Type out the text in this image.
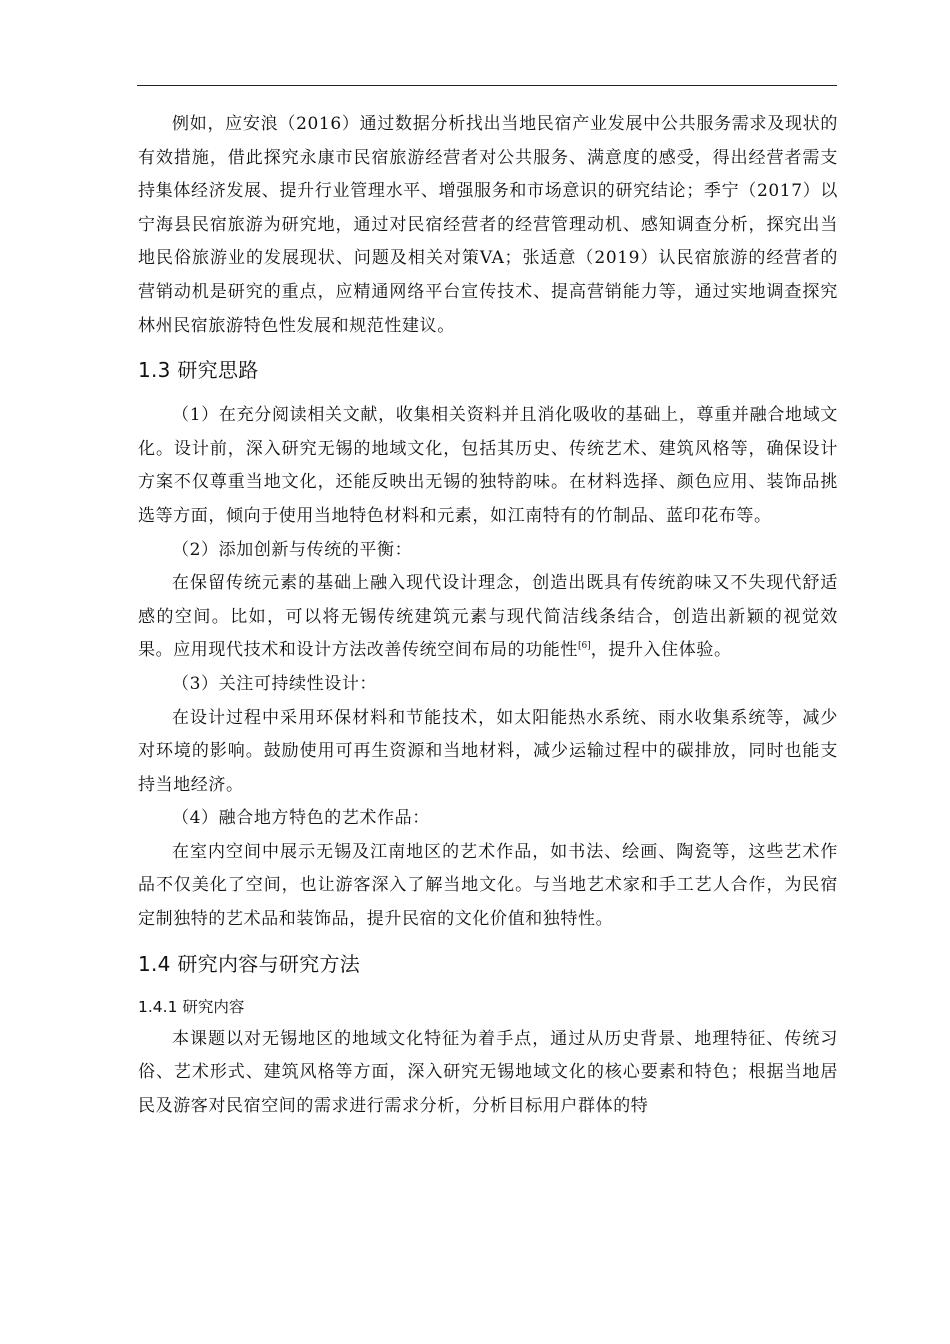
例如，应安浪（2016）通过数据分析找出当地民宿产业发展中公共服务需求及现状的有效措施，借此探究永康市民宿旅游经营者对公共服务、满意度的感受，得出经营者需支持集体经济发展、提升行业管理水平、增强服务和市场意识的研究结论；季宁（2017）以宁海县民宿旅游为研究地，通过对民宿经营者的经营管理动机、感知调查分析，探究出当地民俗旅游业的发展现状、问题及相关对策VA；张适意（2019）认民宿旅游的经营者的营销动机是研究的重点，应精通网络平台宣传技术、提高营销能力等，通过实地调查探究林州民宿旅游特色性发展和规范性建议。

1.3 研究思路

（1）在充分阅读相关文献，收集相关资料并且消化吸收的基础上，尊重并融合地域文化。设计前，深入研究无锡的地域文化，包括其历史、传统艺术、建筑风格等，确保设计方案不仅尊重当地文化，还能反映出无锡的独特韵味。在材料选择、颜色应用、装饰品挑选等方面，倾向于使用当地特色材料和元素，如江南特有的竹制品、蓝印花布等。

（2）添加创新与传统的平衡：

在保留传统元素的基础上融入现代设计理念，创造出既具有传统韵味又不失现代舒适感的空间。比如，可以将无锡传统建筑元素与现代简洁线条结合，创造出新颖的视觉效果。应用现代技术和设计方法改善传统空间布局的功能性[6]，提升入住体验。

（3）关注可持续性设计：

在设计过程中采用环保材料和节能技术，如太阳能热水系统、雨水收集系统等，减少对环境的影响。鼓励使用可再生资源和当地材料，减少运输过程中的碳排放，同时也能支持当地经济。

（4）融合地方特色的艺术作品：

在室内空间中展示无锡及江南地区的艺术作品，如书法、绘画、陶瓷等，这些艺术作品不仅美化了空间，也让游客深入了解当地文化。与当地艺术家和手工艺人合作，为民宿定制独特的艺术品和装饰品，提升民宿的文化价值和独特性。

1.4 研究内容与研究方法
1.4.1 研究内容

本课题以对无锡地区的地域文化特征为着手点，通过从历史背景、地理特征、传统习俗、艺术形式、建筑风格等方面，深入研究无锡地域文化的核心要素和特色；根据当地居民及游客对民宿空间的需求进行需求分析，分析目标用户群体的特
